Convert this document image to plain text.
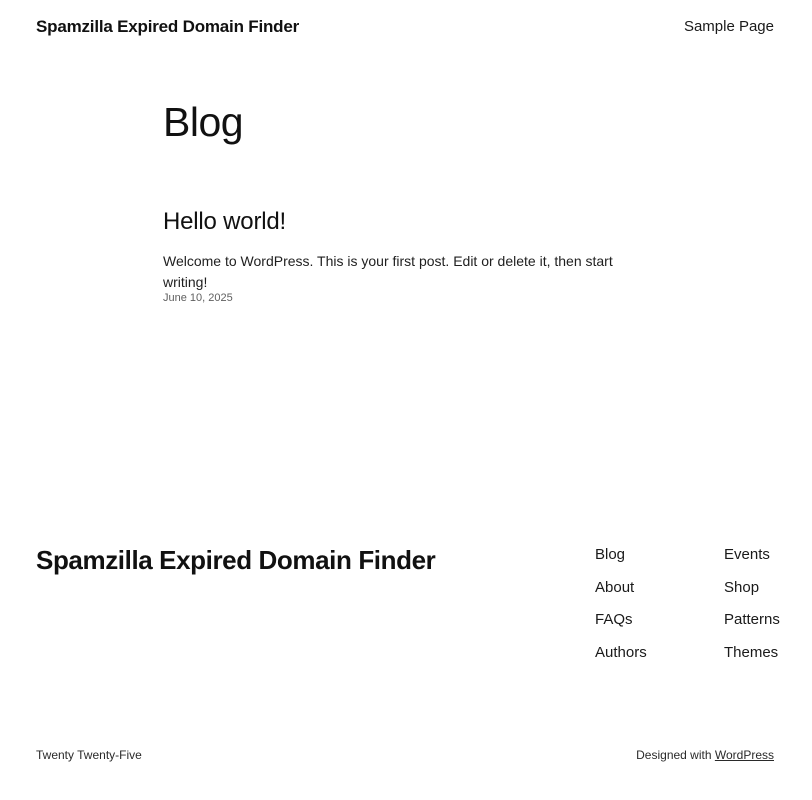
Spamzilla Expired Domain Finder	Sample Page
Blog
Hello world!

Welcome to WordPress. This is your first post. Edit or delete it, then start writing!

June 10, 2025
Spamzilla Expired Domain Finder	Blog
About
FAQs
Authors
Events
Shop
Patterns
Themes
Twenty Twenty-Five	Designed with WordPress
